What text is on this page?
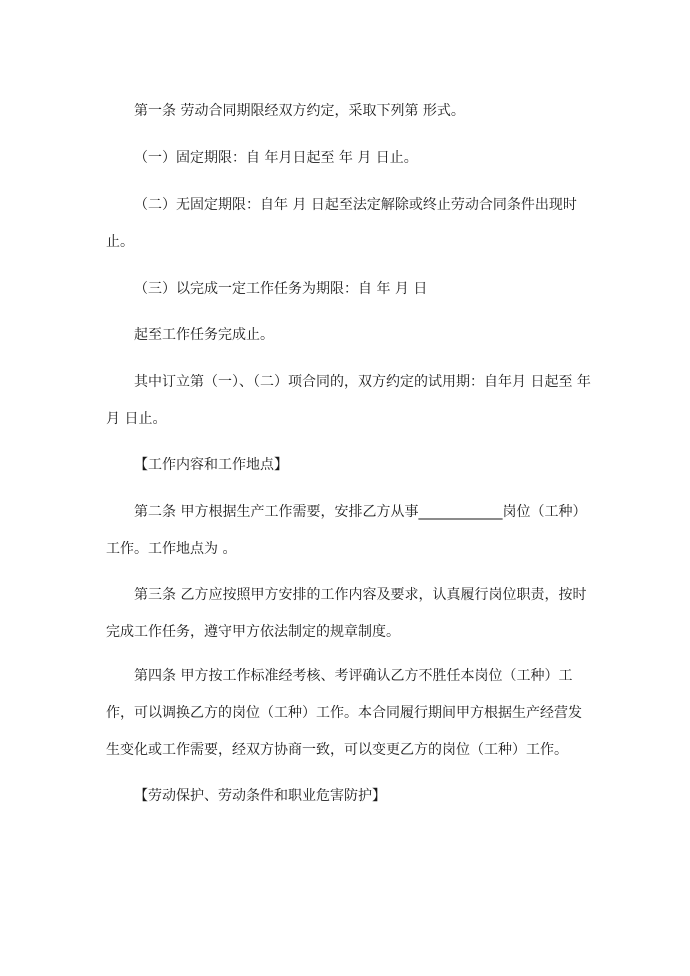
第一条 劳动合同期限经双方约定，采取下列第 形式。

（一）固定期限：自 年月日起至 年 月 日止。

（二）无固定期限：自年 月 日起至法定解除或终止劳动合同条件出现时止。

（三）以完成一定工作任务为期限：自 年 月 日

起至工作任务完成止。

其中订立第（一）、（二）项合同的，双方约定的试用期：自年月 日起至 年 月 日止。

【工作内容和工作地点】

第二条 甲方根据生产工作需要，安排乙方从事____________岗位（工种）工作。工作地点为 。

第三条 乙方应按照甲方安排的工作内容及要求，认真履行岗位职责，按时完成工作任务，遵守甲方依法制定的规章制度。

第四条 甲方按工作标准经考核、考评确认乙方不胜任本岗位（工种）工作，可以调换乙方的岗位（工种）工作。本合同履行期间甲方根据生产经营发生变化或工作需要，经双方协商一致，可以变更乙方的岗位（工种）工作。

【劳动保护、劳动条件和职业危害防护】
